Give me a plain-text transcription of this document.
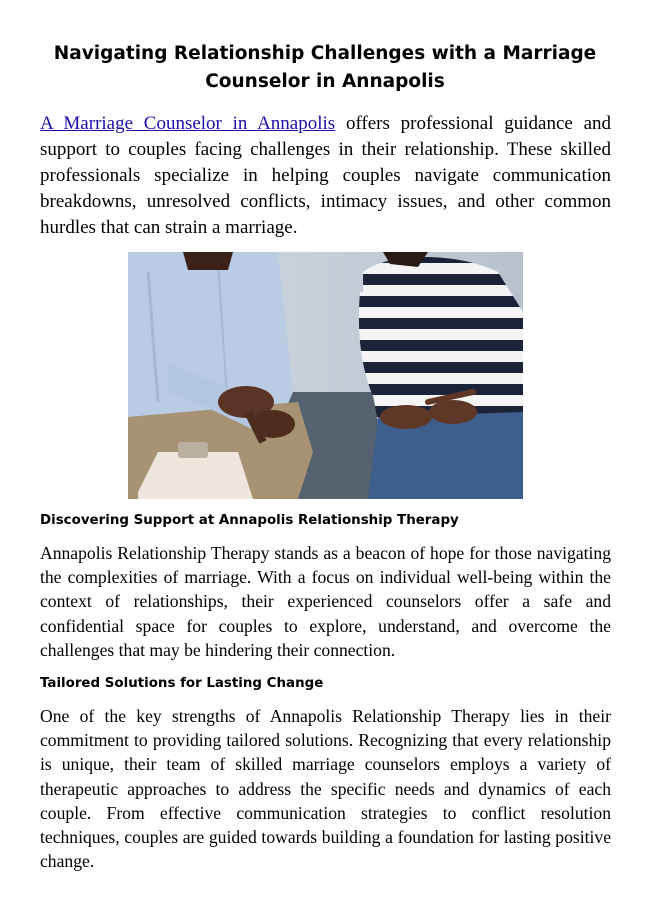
Navigating Relationship Challenges with a Marriage Counselor in Annapolis

A Marriage Counselor in Annapolis offers professional guidance and support to couples facing challenges in their relationship. These skilled professionals specialize in helping couples navigate communication breakdowns, unresolved conflicts, intimacy issues, and other common hurdles that can strain a marriage.

Discovering Support at Annapolis Relationship Therapy

Annapolis Relationship Therapy stands as a beacon of hope for those navigating the complexities of marriage. With a focus on individual well-being within the context of relationships, their experienced counselors offer a safe and confidential space for couples to explore, understand, and overcome the challenges that may be hindering their connection.

Tailored Solutions for Lasting Change

One of the key strengths of Annapolis Relationship Therapy lies in their commitment to providing tailored solutions. Recognizing that every relationship is unique, their team of skilled marriage counselors employs a variety of therapeutic approaches to address the specific needs and dynamics of each couple. From effective communication strategies to conflict resolution techniques, couples are guided towards building a foundation for lasting positive change.
